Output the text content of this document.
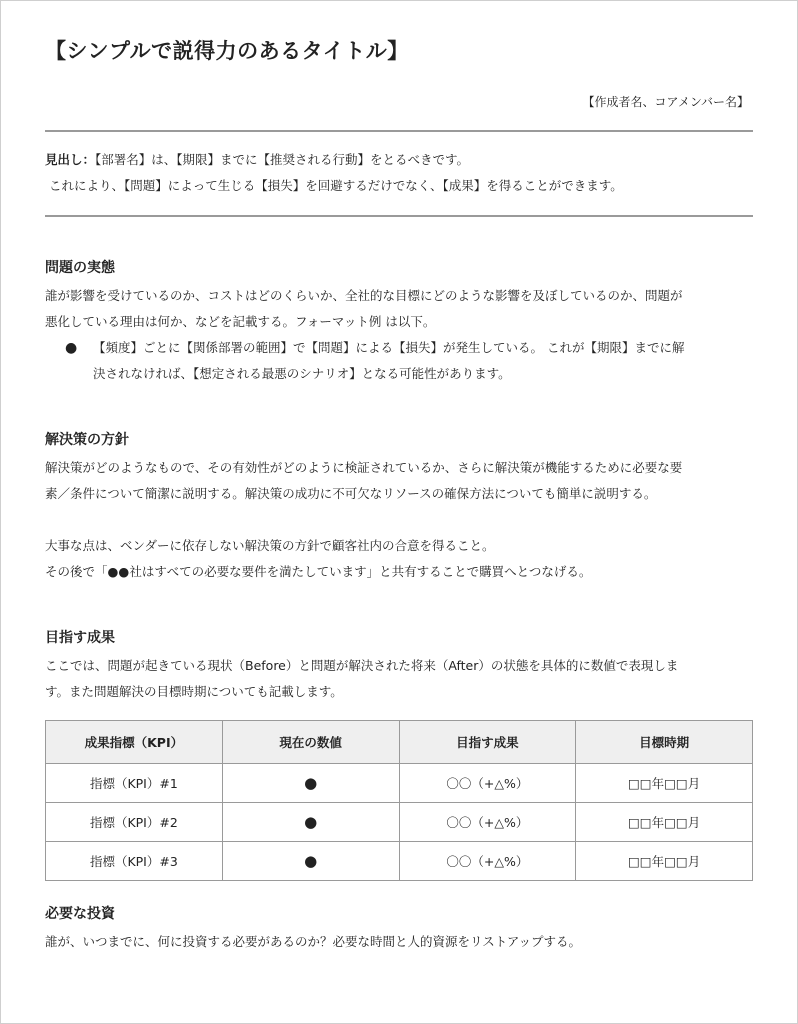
【シンプルで説得力のあるタイトル】
【作成者名、コアメンバー名】
見出し：【部署名】は、【期限】までに【推奨される行動】をとるべきです。
これにより、【問題】によって生じる【損失】を回避するだけでなく、【成果】を得ることができます。
問題の実態
誰が影響を受けているのか、コストはどのくらいか、全社的な目標にどのような影響を及ぼしているのか、問題が
悪化している理由は何か、などを記載する。フォーマット例 は以下。
● 【頻度】ごとに【関係部署の範囲】で【問題】による【損失】が発生している。 これが【期限】までに解
決されなければ、【想定される最悪のシナリオ】となる可能性があります。
解決策の方針
解決策がどのようなもので、その有効性がどのように検証されているか、さらに解決策が機能するために必要な要
素／条件について簡潔に説明する。解決策の成功に不可欠なリソースの確保方法についても簡単に説明する。
大事な点は、ベンダーに依存しない解決策の方針で顧客社内の合意を得ること。
その後で「●●社はすべての必要な要件を満たしています」と共有することで購買へとつなげる。
目指す成果
ここでは、問題が起きている現状（Before）と問題が解決された将来（After）の状態を具体的に数値で表現しま
す。また問題解決の目標時期についても記載します。
成果指標（KPI）	現在の数値	目指す成果	目標時期
指標（KPI）#1	●	〇〇（+△%）	□□年□□月
指標（KPI）#2	●	〇〇（+△%）	□□年□□月
指標（KPI）#3	●	〇〇（+△%）	□□年□□月
必要な投資
誰が、いつまでに、何に投資する必要があるのか？必要な時間と人的資源をリストアップする。
